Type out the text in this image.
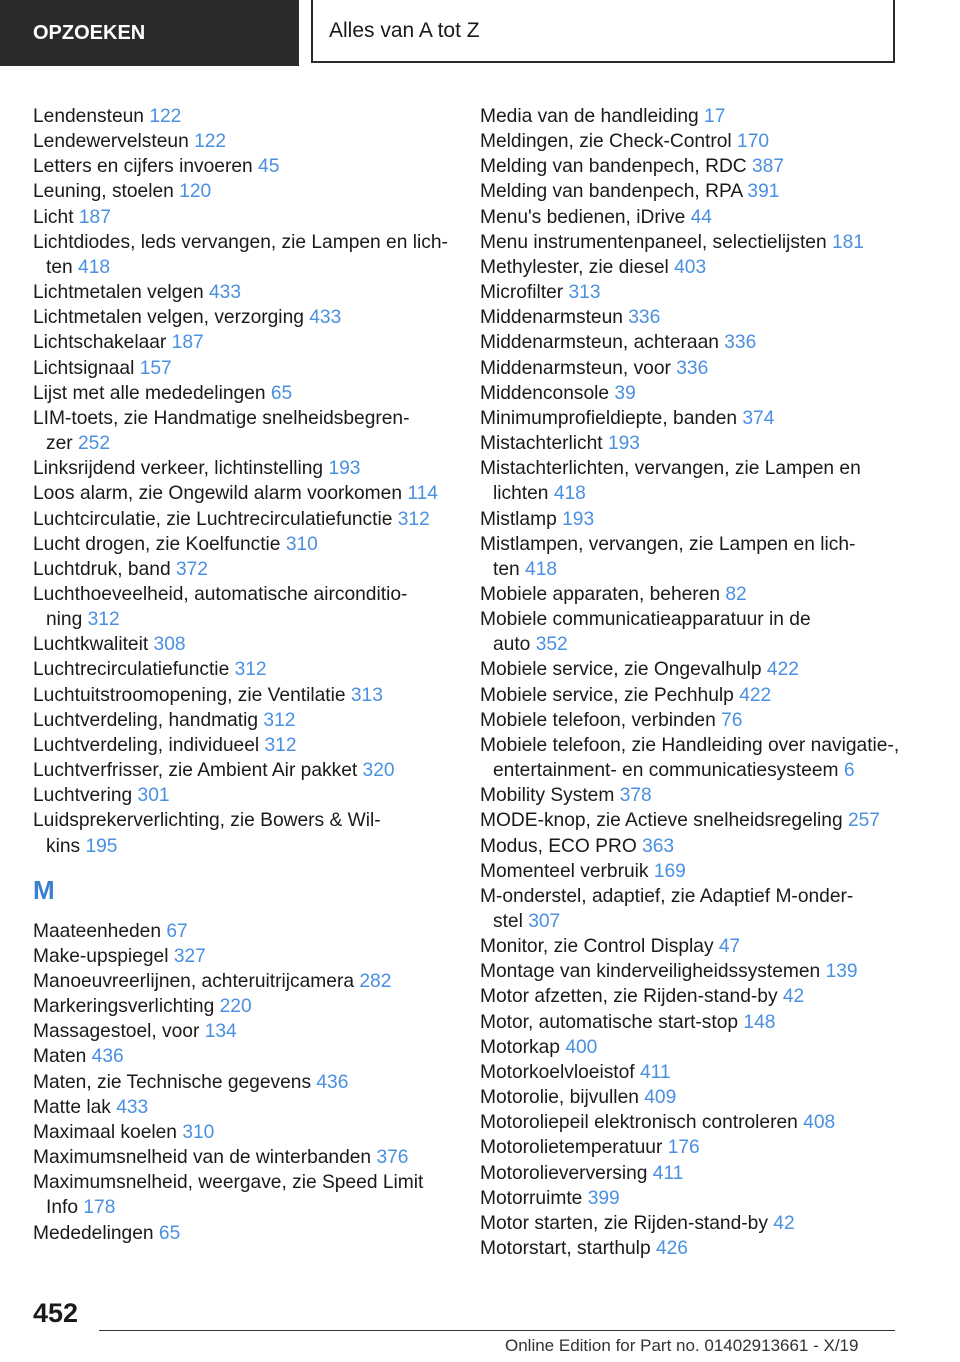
OPZOEKEN	Alles van A tot Z

Lendensteun 122

Lendewervelsteun 122

Letters en cijfers invoeren 45

Leuning, stoelen 120

Licht 187

Lichtdiodes, leds vervangen, zie Lampen en lich-
ten 418

Lichtmetalen velgen 433

Lichtmetalen velgen, verzorging 433

Lichtschakelaar 187

Lichtsignaal 157

Lijst met alle mededelingen 65

LIM-toets, zie Handmatige snelheidsbegren-
zer 252

Linksrijdend verkeer, lichtinstelling 193

Loos alarm, zie Ongewild alarm voorkomen 114

Luchtcirculatie, zie Luchtrecirculatiefunctie 312

Lucht drogen, zie Koelfunctie 310

Luchtdruk, band 372

Luchthoeveelheid, automatische airconditio-
ning 312

Luchtkwaliteit 308

Luchtrecirculatiefunctie 312

Luchtuitstroomopening, zie Ventilatie 313

Luchtverdeling, handmatig 312

Luchtverdeling, individueel 312

Luchtverfrisser, zie Ambient Air pakket 320

Luchtvering 301

Luidsprekerverlichting, zie Bowers & Wil-
kins 195

M

Maateenheden 67

Make-upspiegel 327

Manoeuvreerlijnen, achteruitrijcamera 282

Markeringsverlichting 220

Massagestoel, voor 134

Maten 436

Maten, zie Technische gegevens 436

Matte lak 433

Maximaal koelen 310

Maximumsnelheid van de winterbanden 376

Maximumsnelheid, weergave, zie Speed Limit
Info 178

Mededelingen 65

Media van de handleiding 17

Meldingen, zie Check-Control 170

Melding van bandenpech, RDC 387

Melding van bandenpech, RPA 391

Menu's bedienen, iDrive 44

Menu instrumentenpaneel, selectielijsten 181

Methylester, zie diesel 403

Microfilter 313

Middenarmsteun 336

Middenarmsteun, achteraan 336

Middenarmsteun, voor 336

Middenconsole 39

Minimumprofieldiepte, banden 374

Mistachterlicht 193

Mistachterlichten, vervangen, zie Lampen en
lichten 418

Mistlamp 193

Mistlampen, vervangen, zie Lampen en lich-
ten 418

Mobiele apparaten, beheren 82

Mobiele communicatieapparatuur in de
auto 352

Mobiele service, zie Ongevalhulp 422

Mobiele service, zie Pechhulp 422

Mobiele telefoon, verbinden 76

Mobiele telefoon, zie Handleiding over navigatie-,
entertainment- en communicatiesysteem 6

Mobility System 378

MODE-knop, zie Actieve snelheidsregeling 257

Modus, ECO PRO 363

Momenteel verbruik 169

M-onderstel, adaptief, zie Adaptief M-onder-
stel 307

Monitor, zie Control Display 47

Montage van kinderveiligheidssystemen 139

Motor afzetten, zie Rijden-stand-by 42

Motor, automatische start-stop 148

Motorkap 400

Motorkoelvloeistof 411

Motorolie, bijvullen 409

Motoroliepeil elektronisch controleren 408

Motorolietemperatuur 176

Motorolieverversing 411

Motorruimte 399

Motor starten, zie Rijden-stand-by 42

Motorstart, starthulp 426

452
Online Edition for Part no. 01402913661 - X/19
